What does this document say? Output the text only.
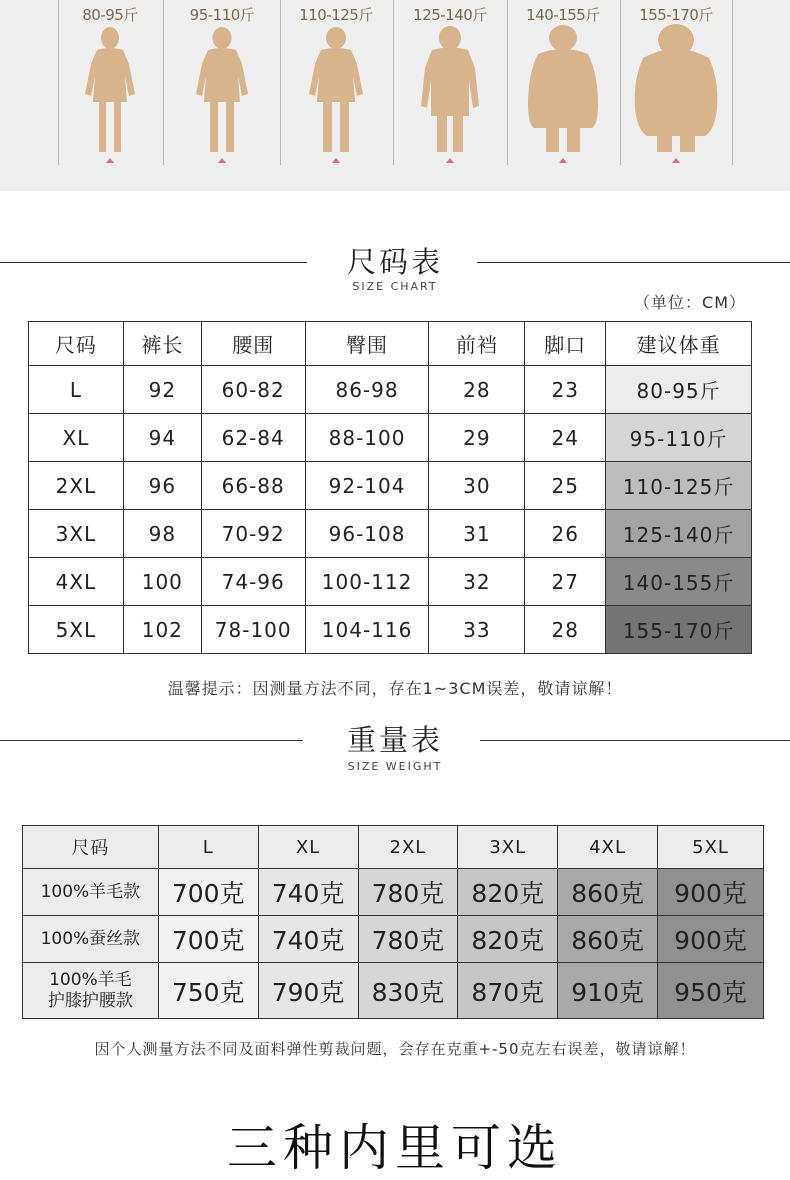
80-95斤	95-110斤	110-125斤	125-140斤	140-155斤	155-170斤
尺码表
SIZE CHART
（单位：CM）
尺码	裤长	腰围	臀围	前裆	脚口	建议体重
L	92	60-82	86-98	28	23	80-95斤
XL	94	62-84	88-100	29	24	95-110斤
2XL	96	66-88	92-104	30	25	110-125斤
3XL	98	70-92	96-108	31	26	125-140斤
4XL	100	74-96	100-112	32	27	140-155斤
5XL	102	78-100	104-116	33	28	155-170斤
温馨提示：因测量方法不同，存在1~3CM误差，敬请谅解！
重量表
SIZE WEIGHT
尺码	L	XL	2XL	3XL	4XL	5XL
100%羊毛款	700克	740克	780克	820克	860克	900克
100%蚕丝款	700克	740克	780克	820克	860克	900克
100%羊毛
护膝护腰款	750克	790克	830克	870克	910克	950克
因个人测量方法不同及面料弹性剪裁问题，会存在克重+-50克左右误差，敬请谅解！
三种内里可选
